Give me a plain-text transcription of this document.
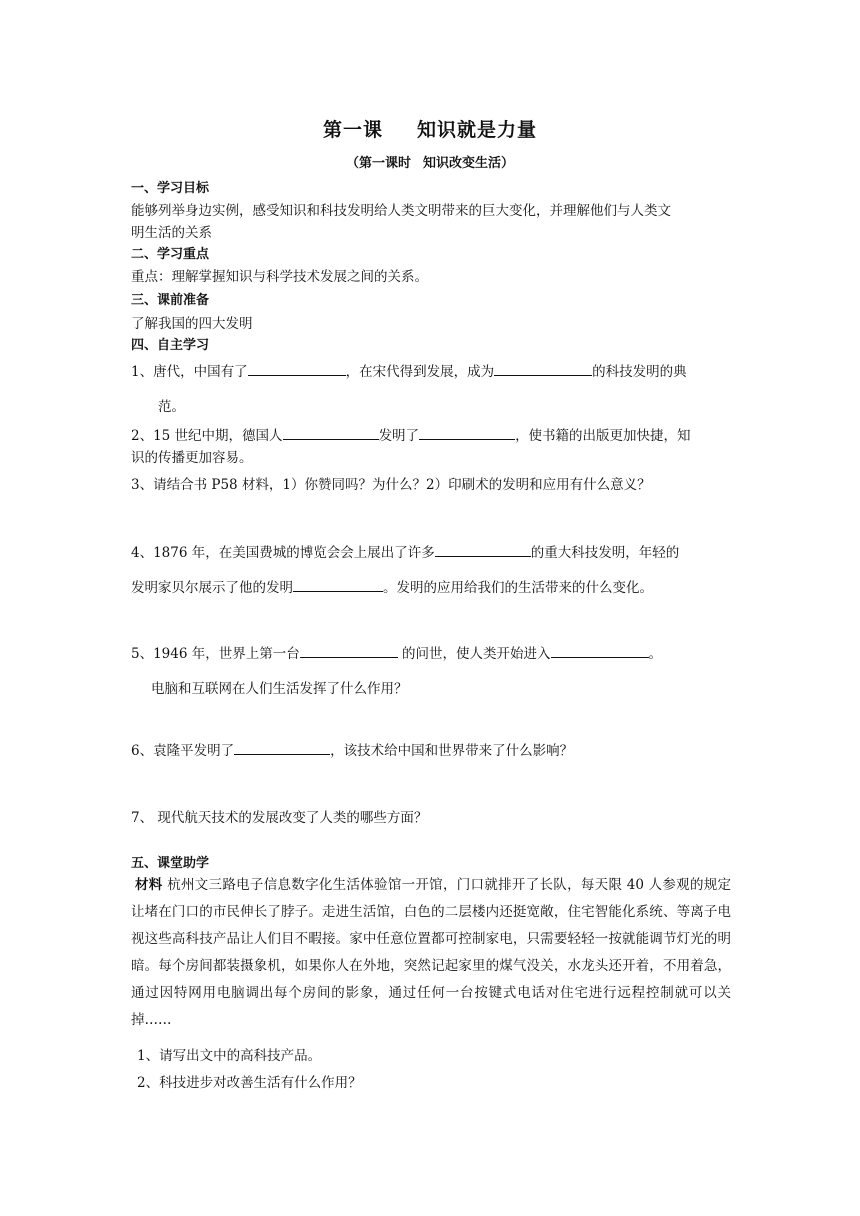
第一课 知识就是力量
（第一课时 知识改变生活）
一、学习目标
能够列举身边实例，感受知识和科技发明给人类文明带来的巨大变化，并理解他们与人类文
明生活的关系
二、学习重点
重点：理解掌握知识与科学技术发展之间的关系。
三、课前准备
了解我国的四大发明
四、自主学习
1、唐代，中国有了	，在宋代得到发展，成为	的科技发明的典
范。
2、15 世纪中期，德国人	发明了	，使书籍的出版更加快捷，知
识的传播更加容易。
3、请结合书 P58 材料，1）你赞同吗？为什么？2）印刷术的发明和应用有什么意义？
4、1876 年，在美国费城的博览会会上展出了许多	的重大科技发明，年轻的
发明家贝尔展示了他的发明	。发明的应用给我们的生活带来的什么变化。
5、1946 年，世界上第一台	的问世，使人类开始进入	。
电脑和互联网在人们生活发挥了什么作用？
6、袁隆平发明了	，该技术给中国和世界带来了什么影响？
7、 现代航天技术的发展改变了人类的哪些方面？
五、课堂助学
材料 杭州文三路电子信息数字化生活体验馆一开馆，门口就排开了长队，每天限 40 人参观的规定让堵在门口的市民伸长了脖子。走进生活馆，白色的二层楼内还挺宽敞，住宅智能化系统、等离子电视这些高科技产品让人们目不暇接。家中任意位置都可控制家电，只需要轻轻一按就能调节灯光的明暗。每个房间都装摄象机，如果你人在外地，突然记起家里的煤气没关，水龙头还开着，不用着急，通过因特网用电脑调出每个房间的影象，通过任何一台按键式电话对住宅进行远程控制就可以关掉……
1、请写出文中的高科技产品。
2、科技进步对改善生活有什么作用？
